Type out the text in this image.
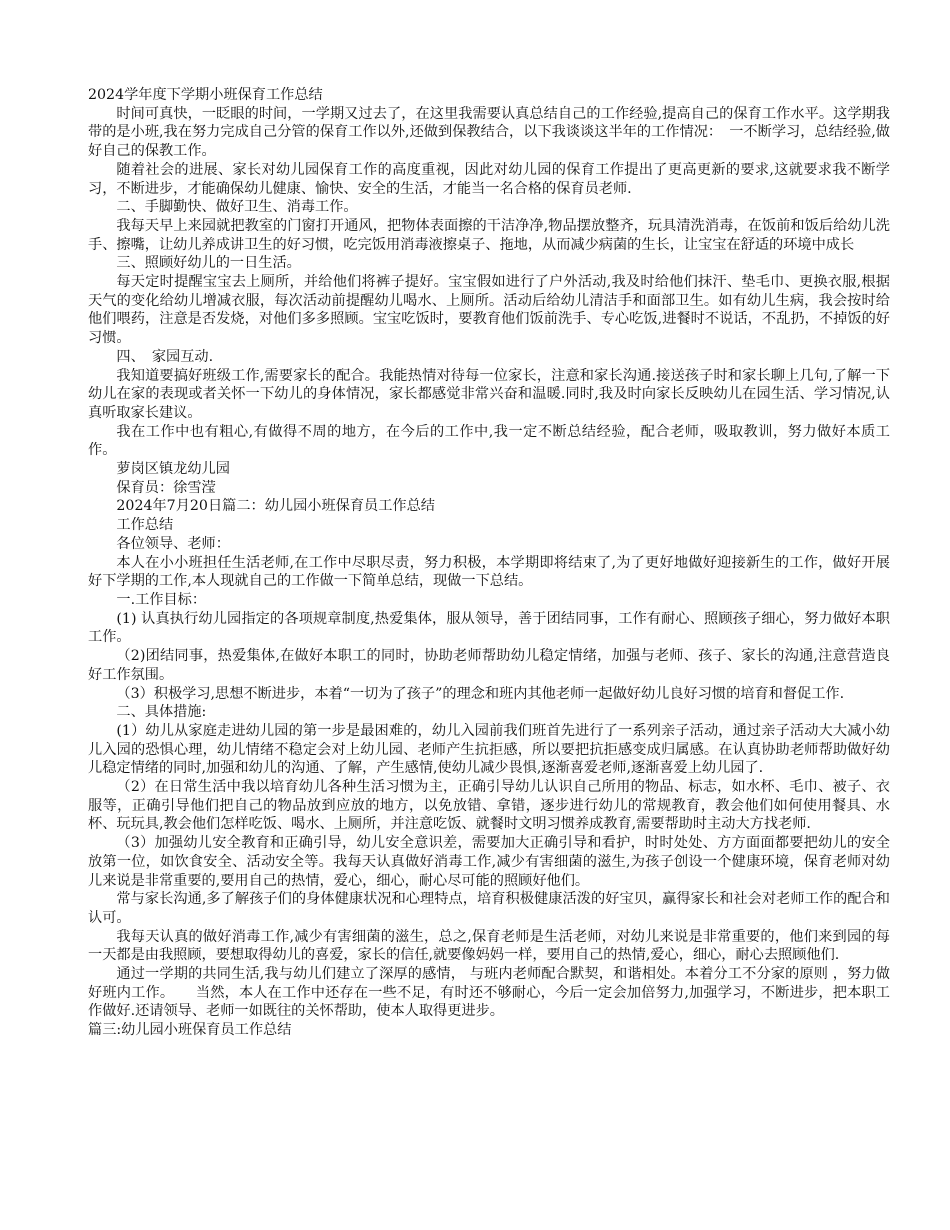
2024学年度下学期小班保育工作总结

时间可真快，一眨眼的时间，一学期又过去了，在这里我需要认真总结自己的工作经验,提高自己的保育工作水平。这学期我带的是小班,我在努力完成自己分管的保育工作以外,还做到保教结合，以下我谈谈这半年的工作情况：　一不断学习，总结经验,做好自己的保教工作。

随着社会的进展、家长对幼儿园保育工作的高度重视，因此对幼儿园的保育工作提出了更高更新的要求,这就要求我不断学习，不断进步，才能确保幼儿健康、愉快、安全的生活，才能当一名合格的保育员老师.

二、手脚勤快、做好卫生、消毒工作。

我每天早上来园就把教室的门窗打开通风，把物体表面擦的干洁净净,物品摆放整齐，玩具清洗消毒，在饭前和饭后给幼儿洗手、擦嘴，让幼儿养成讲卫生的好习惯，吃完饭用消毒液擦桌子、拖地，从而减少病菌的生长，让宝宝在舒适的环境中成长

三、照顾好幼儿的一日生活。

每天定时提醒宝宝去上厕所，并给他们将裤子提好。宝宝假如进行了户外活动,我及时给他们抹汗、垫毛巾、更换衣服,根据天气的变化给幼儿增减衣服，每次活动前提醒幼儿喝水、上厕所。活动后给幼儿清洁手和面部卫生。如有幼儿生病，我会按时给他们喂药，注意是否发烧，对他们多多照顾。宝宝吃饭时，要教育他们饭前洗手、专心吃饭,进餐时不说话，不乱扔，不掉饭的好习惯。

四、　家园互动.

我知道要搞好班级工作,需要家长的配合。我能热情对待每一位家长，注意和家长沟通.接送孩子时和家长聊上几句,了解一下幼儿在家的表现或者关怀一下幼儿的身体情况，家长都感觉非常兴奋和温暖.同时,我及时向家长反映幼儿在园生活、学习情况,认真听取家长建议。

我在工作中也有粗心,有做得不周的地方，在今后的工作中,我一定不断总结经验，配合老师，吸取教训，努力做好本质工作。

萝岗区镇龙幼儿园

保育员：徐雪滢

2024年7月20日篇二：幼儿园小班保育员工作总结

工作总结

各位领导、老师：

本人在小小班担任生活老师,在工作中尽职尽责，努力积极，本学期即将结束了,为了更好地做好迎接新生的工作，做好开展好下学期的工作,本人现就自己的工作做一下简单总结，现做一下总结。

一.工作目标：

(1) 认真执行幼儿园指定的各项规章制度,热爱集体，服从领导，善于团结同事，工作有耐心、照顾孩子细心，努力做好本职工作。

（2)团结同事，热爱集体,在做好本职工的同时，协助老师帮助幼儿稳定情绪，加强与老师、孩子、家长的沟通,注意营造良好工作氛围。

（3）积极学习,思想不断进步，本着“一切为了孩子”的理念和班内其他老师一起做好幼儿良好习惯的培育和督促工作.

二、具体措施:

(1）幼儿从家庭走进幼儿园的第一步是最困难的，幼儿入园前我们班首先进行了一系列亲子活动，通过亲子活动大大减小幼儿入园的恐惧心理，幼儿情绪不稳定会对上幼儿园、老师产生抗拒感，所以要把抗拒感变成归属感。在认真协助老师帮助做好幼儿稳定情绪的同时,加强和幼儿的沟通、了解，产生感情,使幼儿减少畏惧,逐渐喜爱老师,逐渐喜爱上幼儿园了.

（2）在日常生活中我以培育幼儿各种生活习惯为主，正确引导幼儿认识自己所用的物品、标志，如水杯、毛巾、被子、衣服等，正确引导他们把自己的物品放到应放的地方，以免放错、拿错，逐步进行幼儿的常规教育，教会他们如何使用餐具、水杯、玩玩具,教会他们怎样吃饭、喝水、上厕所，并注意吃饭、就餐时文明习惯养成教育,需要帮助时主动大方找老师.

（3）加强幼儿安全教育和正确引导，幼儿安全意识差，需要加大正确引导和看护，时时处处、方方面面都要把幼儿的安全放第一位，如饮食安全、活动安全等。我每天认真做好消毒工作,减少有害细菌的滋生,为孩子创设一个健康环境，保育老师对幼儿来说是非常重要的,要用自己的热情，爱心，细心，耐心尽可能的照顾好他们。

常与家长沟通,多了解孩子们的身体健康状况和心理特点，培育积极健康活泼的好宝贝，赢得家长和社会对老师工作的配合和认可。

我每天认真的做好消毒工作,减少有害细菌的滋生，总之,保育老师是生活老师，对幼儿来说是非常重要的，他们来到园的每一天都是由我照顾，要想取得幼儿的喜爱，家长的信任,就要像妈妈一样，要用自己的热情,爱心，细心，耐心去照顾他们.

通过一学期的共同生活,我与幼儿们建立了深厚的感情， 与班内老师配合默契，和谐相处。本着分工不分家的原则 ，努力做好班内工作。　　当然，本人在工作中还存在一些不足，有时还不够耐心，今后一定会加倍努力,加强学习，不断进步，把本职工作做好.还请领导、老师一如既往的关怀帮助，使本人取得更进步。

篇三:幼儿园小班保育员工作总结
